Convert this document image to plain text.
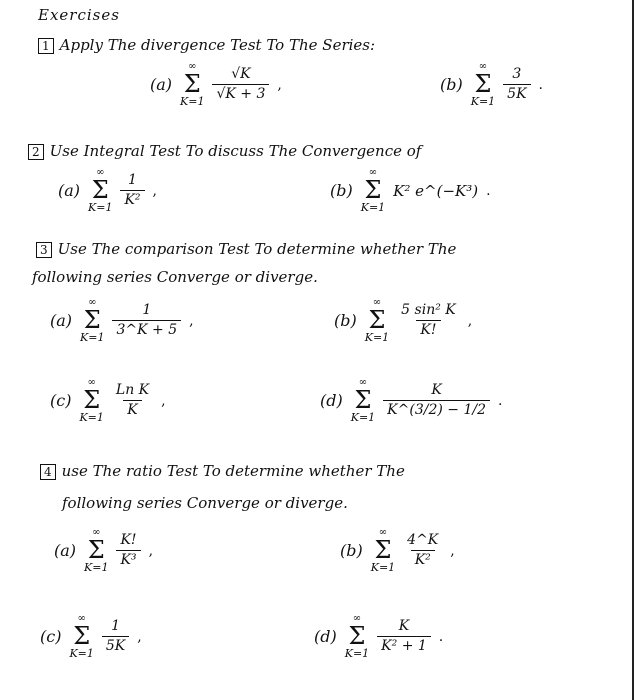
Exercises
1 Apply The divergence Test To The Series:
(a)
∞
Σ
$K=1 \frac{√K}{√K + 3}$ ,	(b)
∞
Σ
$K=1 \frac{3}{5K}$ .
2 Use Integral Test To discuss The Convergence of
(a)
∞
Σ
$K=1 \frac{1}{\text{K²}}$ ,	(b)
∞
Σ
K=1
K² e^(−K³) .
3 Use The comparison Test To determine whether The
following series Converge or diverge.
(a)
∞
Σ
$K=1 \frac{1}{3\^{}K + 5}$ ,	(b)
∞
Σ
$K=1 \frac{\text{5 sin² K}}{K!}$ ,
(c)
∞
Σ
$K=1 \frac{\text{Ln K}}{K}$ ,	(d)
∞
Σ
$K=1 \frac{K}{K\^{}(3/2) - 1/2}$ .
4 use The ratio Test To determine whether The
following series Converge or diverge.
(a)
∞
Σ
$K=1 \frac{K!}{\text{K³}}$ ,	(b)
∞
Σ
$K=1 \frac{4\^{}K}{\text{K²}}$ ,
(c)
∞
Σ
$K=1 \frac{1}{5K}$ ,	(d)
∞
Σ
$K=1 \frac{K}{\text{K² + 1}}$ .
